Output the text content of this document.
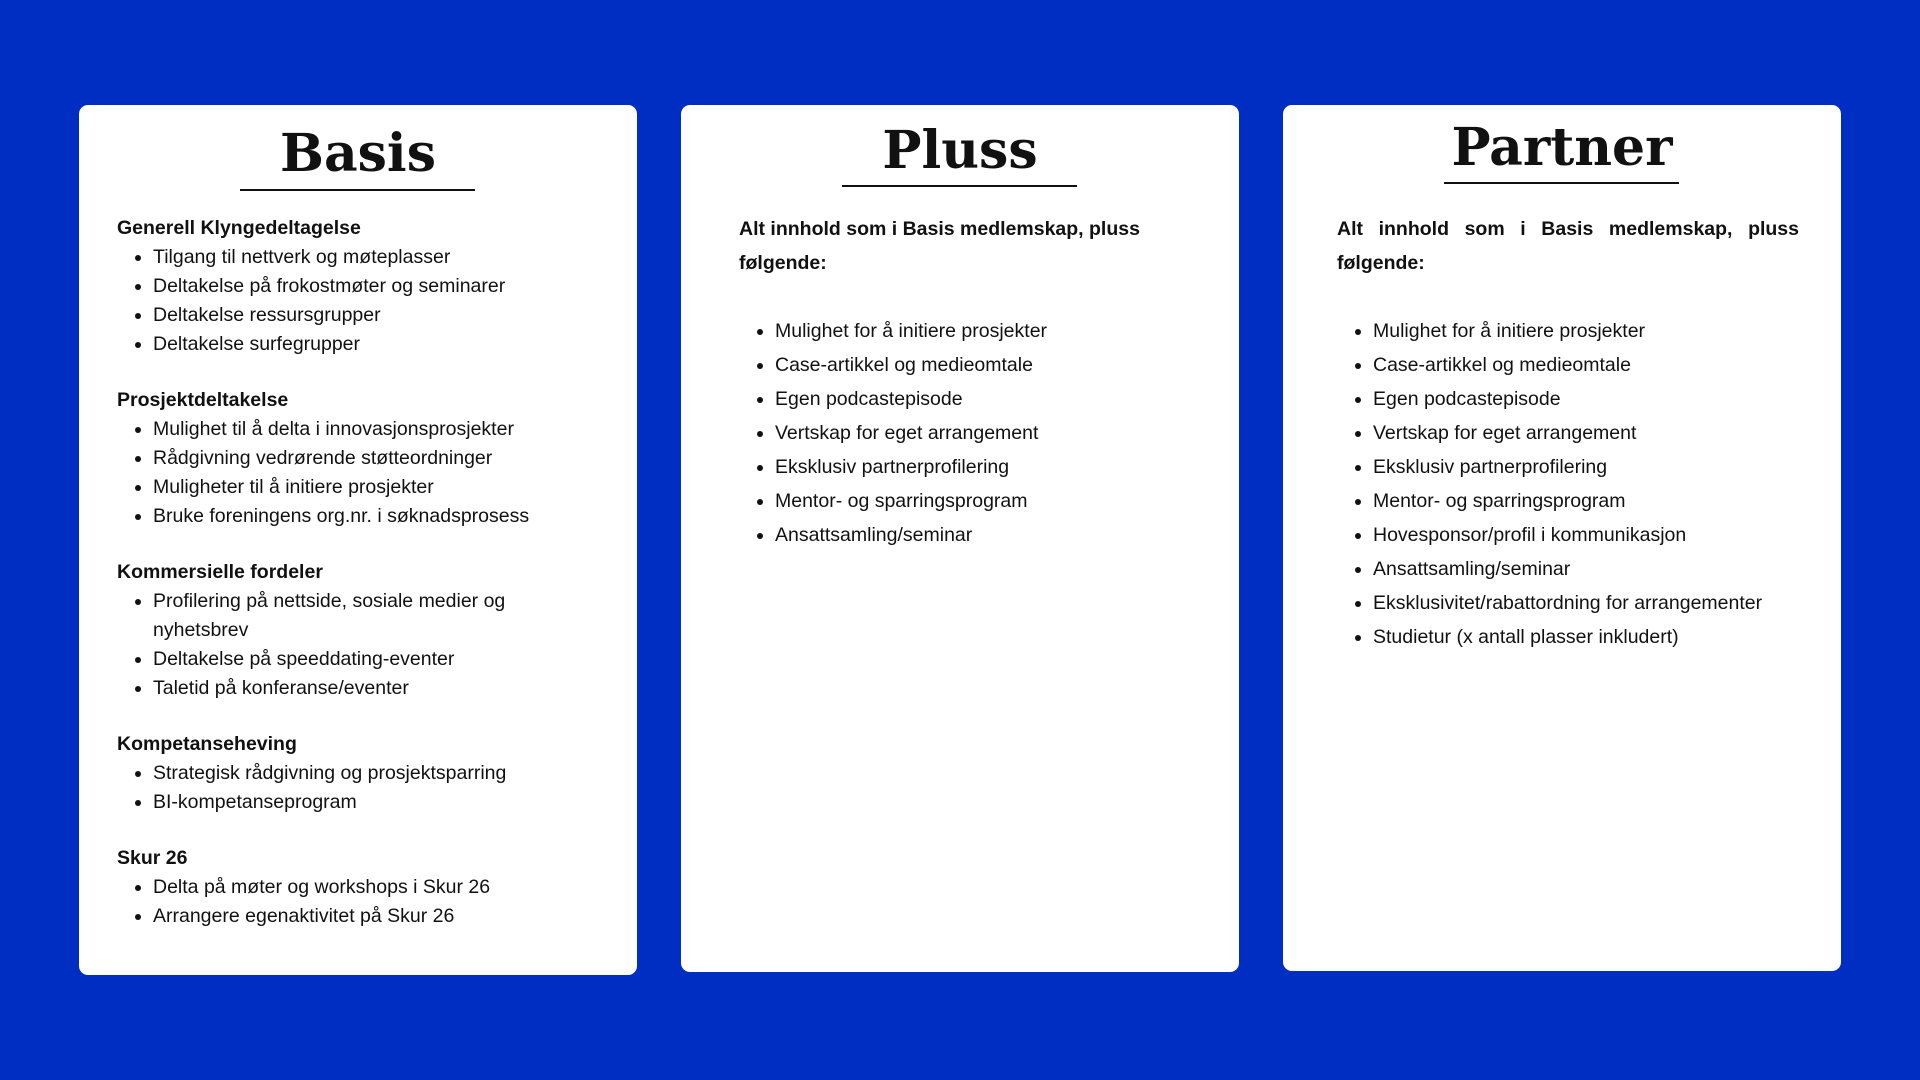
Basis
Generell Klyngedeltagelse
• Tilgang til nettverk og møteplasser
• Deltakelse på frokostmøter og seminarer
• Deltakelse ressursgrupper
• Deltakelse surfegrupper
Prosjektdeltakelse
• Mulighet til å delta i innovasjonsprosjekter
• Rådgivning vedrørende støtteordninger
• Muligheter til å initiere prosjekter
• Bruke foreningens org.nr. i søknadsprosess
Kommersielle fordeler
• Profilering på nettside, sosiale medier og nyhetsbrev
• Deltakelse på speeddating-eventer
• Taletid på konferanse/eventer
Kompetanseheving
• Strategisk rådgivning og prosjektsparring
• BI-kompetanseprogram
Skur 26
• Delta på møter og workshops i Skur 26
• Arrangere egenaktivitet på Skur 26
Pluss
Alt innhold som i Basis medlemskap, pluss
følgende:
• Mulighet for å initiere prosjekter
• Case-artikkel og medieomtale
• Egen podcastepisode
• Vertskap for eget arrangement
• Eksklusiv partnerprofilering
• Mentor- og sparringsprogram
• Ansattsamling/seminar
Partner
Alt innhold som i Basis medlemskap, pluss
følgende:
• Mulighet for å initiere prosjekter
• Case-artikkel og medieomtale
• Egen podcastepisode
• Vertskap for eget arrangement
• Eksklusiv partnerprofilering
• Mentor- og sparringsprogram
• Hovesponsor/profil i kommunikasjon
• Ansattsamling/seminar
• Eksklusivitet/rabattordning for arrangementer
• Studietur (x antall plasser inkludert)
